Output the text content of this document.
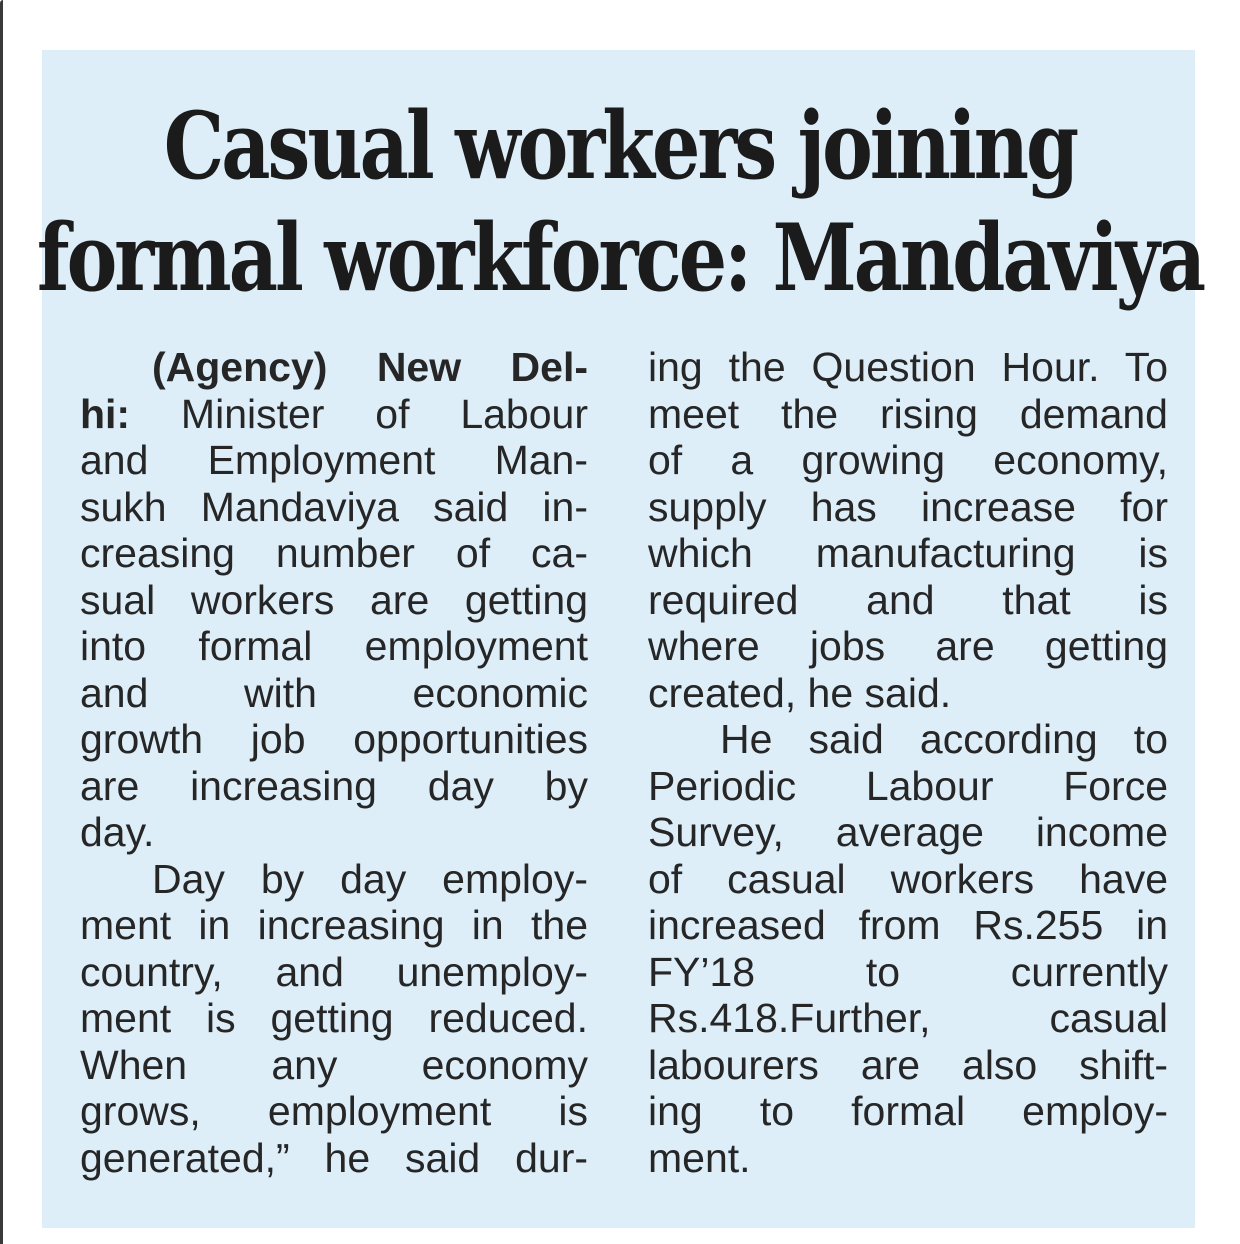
Casual workers joining
formal workforce: Mandaviya
(Agency) New Del-
hi: Minister of Labour
and Employment Man-
sukh Mandaviya said in-
creasing number of ca-
sual workers are getting
into formal employment
and with economic
growth job opportunities
are increasing day by
day.
Day by day employ-
ment in increasing in the
country, and unemploy-
ment is getting reduced.
When any economy
grows, employment is
generated,” he said dur-
ing the Question Hour. To
meet the rising demand
of a growing economy,
supply has increase for
which manufacturing is
required and that is
where jobs are getting
created, he said.
He said according to
Periodic Labour Force
Survey, average income
of casual workers have
increased from Rs.255 in
FY’18 to currently
Rs.418.Further, casual
labourers are also shift-
ing to formal employ-
ment.
